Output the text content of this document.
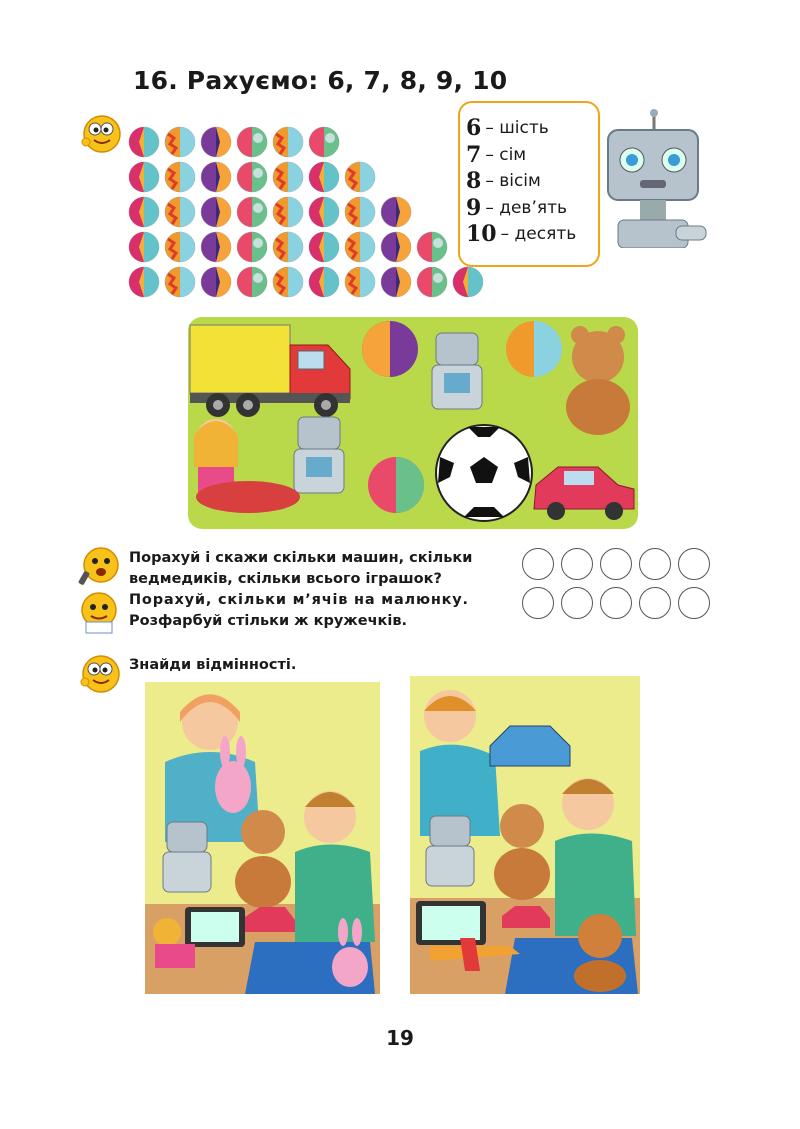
16. Рахуємо: 6, 7, 8, 9, 10
6 – шість
7 – сім
8 – вісім
9 – дев’ять
10 – десять
Порахуй і скажи скільки машин, скільки
ведмедиків, скільки всього іграшок?
Порахуй, скільки м’ячів на малюнку.
Розфарбуй стільки ж кружечків.
Знайди відмінності.
19
